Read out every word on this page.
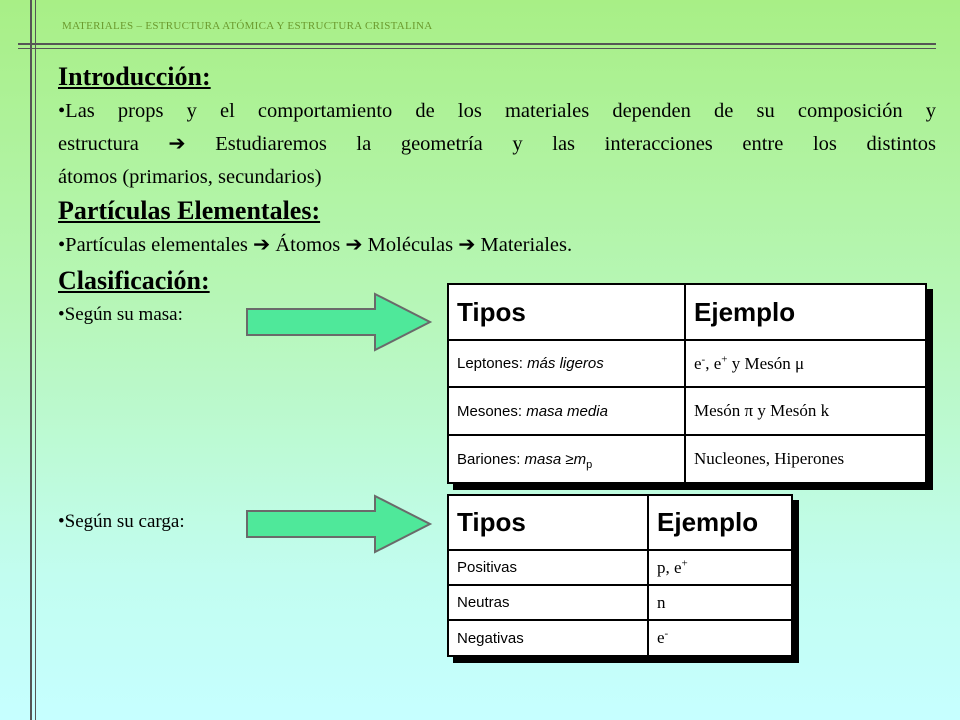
MATERIALES – ESTRUCTURA ATÓMICA Y ESTRUCTURA CRISTALINA
Introducción:
•Las props y el comportamiento de los materiales dependen de su composición y
estructura ➔ Estudiaremos la geometría y las interacciones entre los distintos
átomos (primarios, secundarios)
Partículas Elementales:
•Partículas elementales ➔ Átomos ➔ Moléculas ➔ Materiales.
Clasificación:
•Según su masa:
•Según su carga:
Tipos	Ejemplo
Leptones: más ligeros	e-, e+ y Mesón μ
Mesones: masa media	Mesón π y Mesón k
Bariones: masa $\ge m_p$	Nucleones, Hiperones
Tipos	Ejemplo
Positivas	p, e+
Neutras	n
Negativas	e-
